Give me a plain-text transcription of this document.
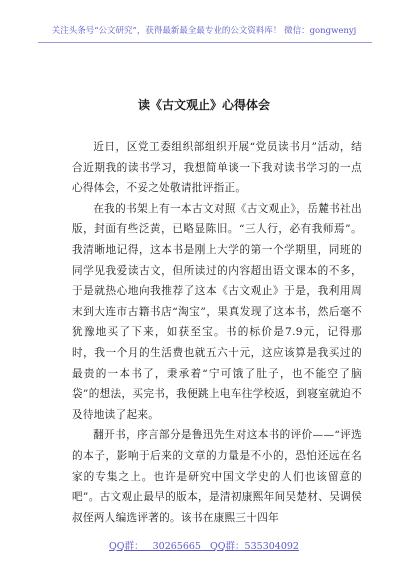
关注头条号“公文研究”，获得最新最全最专业的公文资料库！ 微信：gongwenyj
读《古文观止》心得体会

近日，区党工委组织部组织开展“党员读书月”活动，结合近期我的读书学习，我想简单谈一下我对读书学习的一点心得体会，不妥之处敬请批评指正。

在我的书架上有一本古文对照《古文观止》，岳麓书社出版，封面有些泛黄，已略显陈旧。“三人行，必有我师焉”。我清晰地记得，这本书是刚上大学的第一个学期里，同班的同学见我爱读古文，但所读过的内容超出语文课本的不多，于是就热心地向我推荐了这本《古文观止》于是，我利用周末到大连市古籍书店“淘宝”，果真发现了这本书，然后毫不犹豫地买了下来，如获至宝。书的标价是7.9元，记得那时，我一个月的生活费也就五六十元，这应该算是我买过的最贵的一本书了，秉承着“宁可饿了肚子，也不能空了脑袋”的想法，买完书，我便跳上电车往学校返，到寝室就迫不及待地读了起来。

翻开书，序言部分是鲁迅先生对这本书的评价——“评选的本子，影响于后来的文章的力量是不小的，恐怕还远在名家的专集之上。也许是研究中国文学史的人们也该留意的吧”。古文观止最早的版本，是清初康熙年间吴楚材、吴调侯叔侄两人编选评著的。该书在康熙三十四年

QQ群： 30265665 QQ群：535304092
